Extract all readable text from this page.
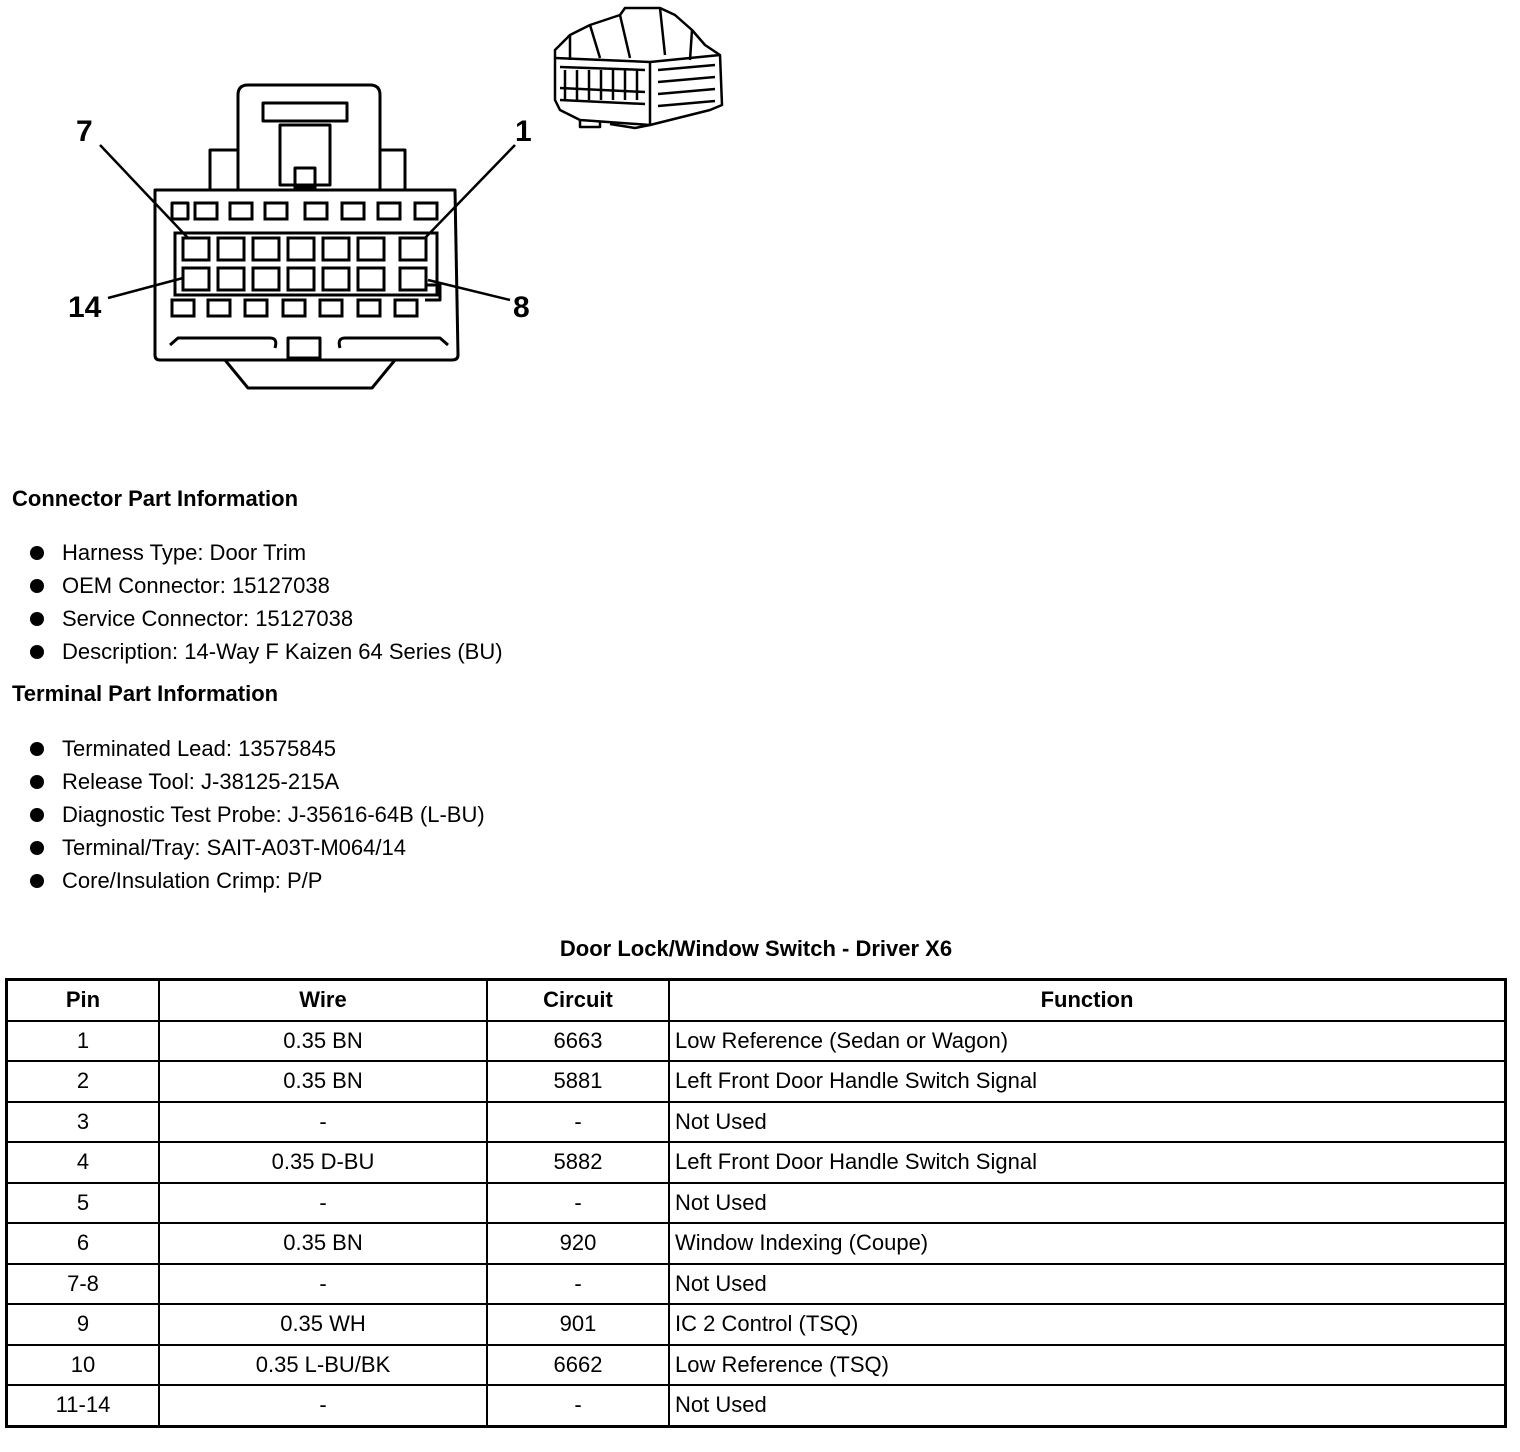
7	1
14	8
Connector Part Information
Harness Type: Door Trim
OEM Connector: 15127038
Service Connector: 15127038
Description: 14-Way F Kaizen 64 Series (BU)
Terminal Part Information
Terminated Lead: 13575845
Release Tool: J-38125-215A
Diagnostic Test Probe: J-35616-64B (L-BU)
Terminal/Tray: SAIT-A03T-M064/14
Core/Insulation Crimp: P/P
Door Lock/Window Switch - Driver X6
Pin	Wire	Circuit	Function
1	0.35 BN	6663	Low Reference (Sedan or Wagon)
2	0.35 BN	5881	Left Front Door Handle Switch Signal
3	-	-	Not Used
4	0.35 D-BU	5882	Left Front Door Handle Switch Signal
5	-	-	Not Used
6	0.35 BN	920	Window Indexing (Coupe)
7-8	-	-	Not Used
9	0.35 WH	901	IC 2 Control (TSQ)
10	0.35 L-BU/BK	6662	Low Reference (TSQ)
11-14	-	-	Not Used
